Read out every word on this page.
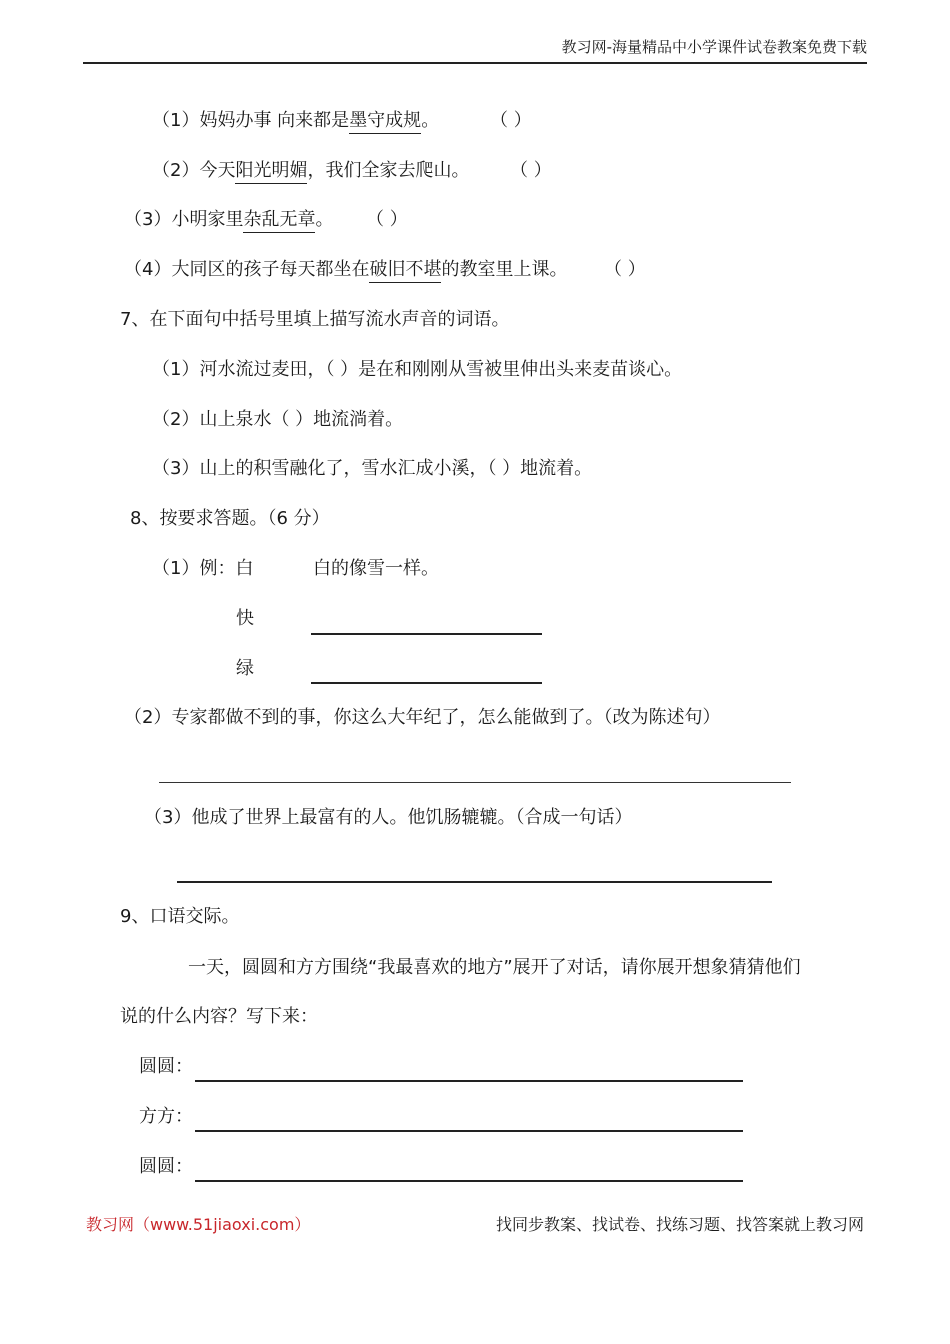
教习网-海量精品中小学课件试卷教案免费下载
（1）妈妈办事 向来都是墨守成规。	（ ）
（2）今天阳光明媚，我们全家去爬山。 （ ）
（3）小明家里杂乱无章。 （ ）
（4）大同区的孩子每天都坐在破旧不堪的教室里上课。 （ ）
7、在下面句中括号里填上描写流水声音的词语。
（1）河水流过麦田，（ ）是在和刚刚从雪被里伸出头来麦苗谈心。
（2）山上泉水（ ）地流淌着。
（3）山上的积雪融化了，雪水汇成小溪，（ ）地流着。
8、按要求答题。（6 分）
（1）例：白	白的像雪一样。
快
绿
（2）专家都做不到的事，你这么大年纪了，怎么能做到了。（改为陈述句）
（3）他成了世界上最富有的人。他饥肠辘辘。（合成一句话）
9、口语交际。
一天，圆圆和方方围绕“我最喜欢的地方”展开了对话，请你展开想象猜猜他们
说的什么内容？写下来：
圆圆：
方方：
圆圆：
教习网（www.51jiaoxi.com）	找同步教案、找试卷、找练习题、找答案就上教习网
